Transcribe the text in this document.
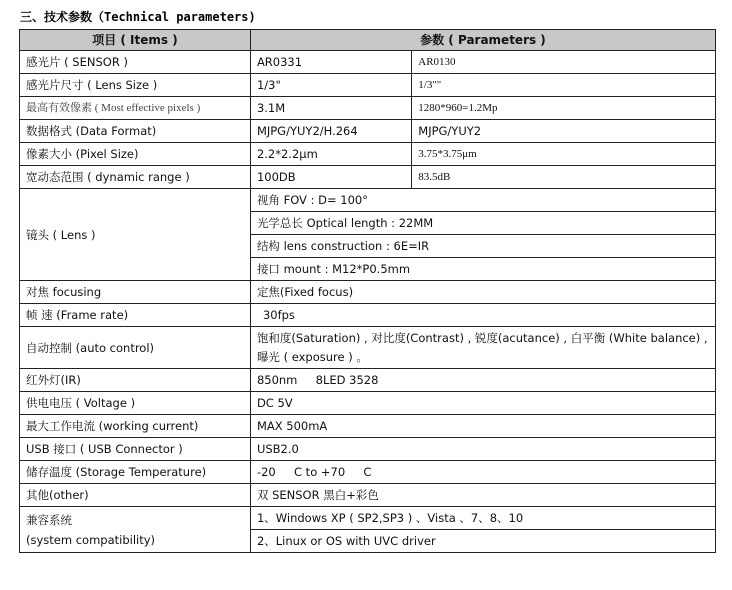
三、技术参数（Technical parameters)
项目 ( Items )	参数 ( Parameters )	
感光片 ( SENSOR )	AR0331	AR0130
感光片尺寸 ( Lens Size )	1/3"	1/3""
最高有效像素 ( Most effective pixels )	3.1M	1280*960=1.2Mp
数据格式 (Data Format)	MJPG/YUY2/H.264	MJPG/YUY2
像素大小 (Pixel Size)	2.2*2.2μm	3.75*3.75μm
宽动态范围 ( dynamic range )	100DB	83.5dB
镜头 ( Lens )	视角 FOV : D= 100°	
	光学总长 Optical length : 22MM	
	结构 lens construction : 6E=IR	
	接口 mount : M12*P0.5mm	
对焦 focusing	定焦(Fixed focus)	
帧 速 (Frame rate)	30fps	
自动控制 (auto control)	饱和度(Saturation) , 对比度(Contrast) , 锐度(acutance) , 白平衡 (White balance) , 曝光 ( exposure ) 。	
红外灯(IR)	850nm     8LED 3528	
供电电压 ( Voltage )	DC 5V	
最大工作电流 (working current)	MAX 500mA	
USB 接口 ( USB Connector )	USB2.0	
储存温度 (Storage Temperature)	-20     C to +70     C	
其他(other)	双 SENSOR 黑白+彩色	

兼容系统
(system compatibility)	1、Windows XP ( SP2,SP3 ) 、Vista 、7、8、10	
	2、Linux or OS with UVC driver	
